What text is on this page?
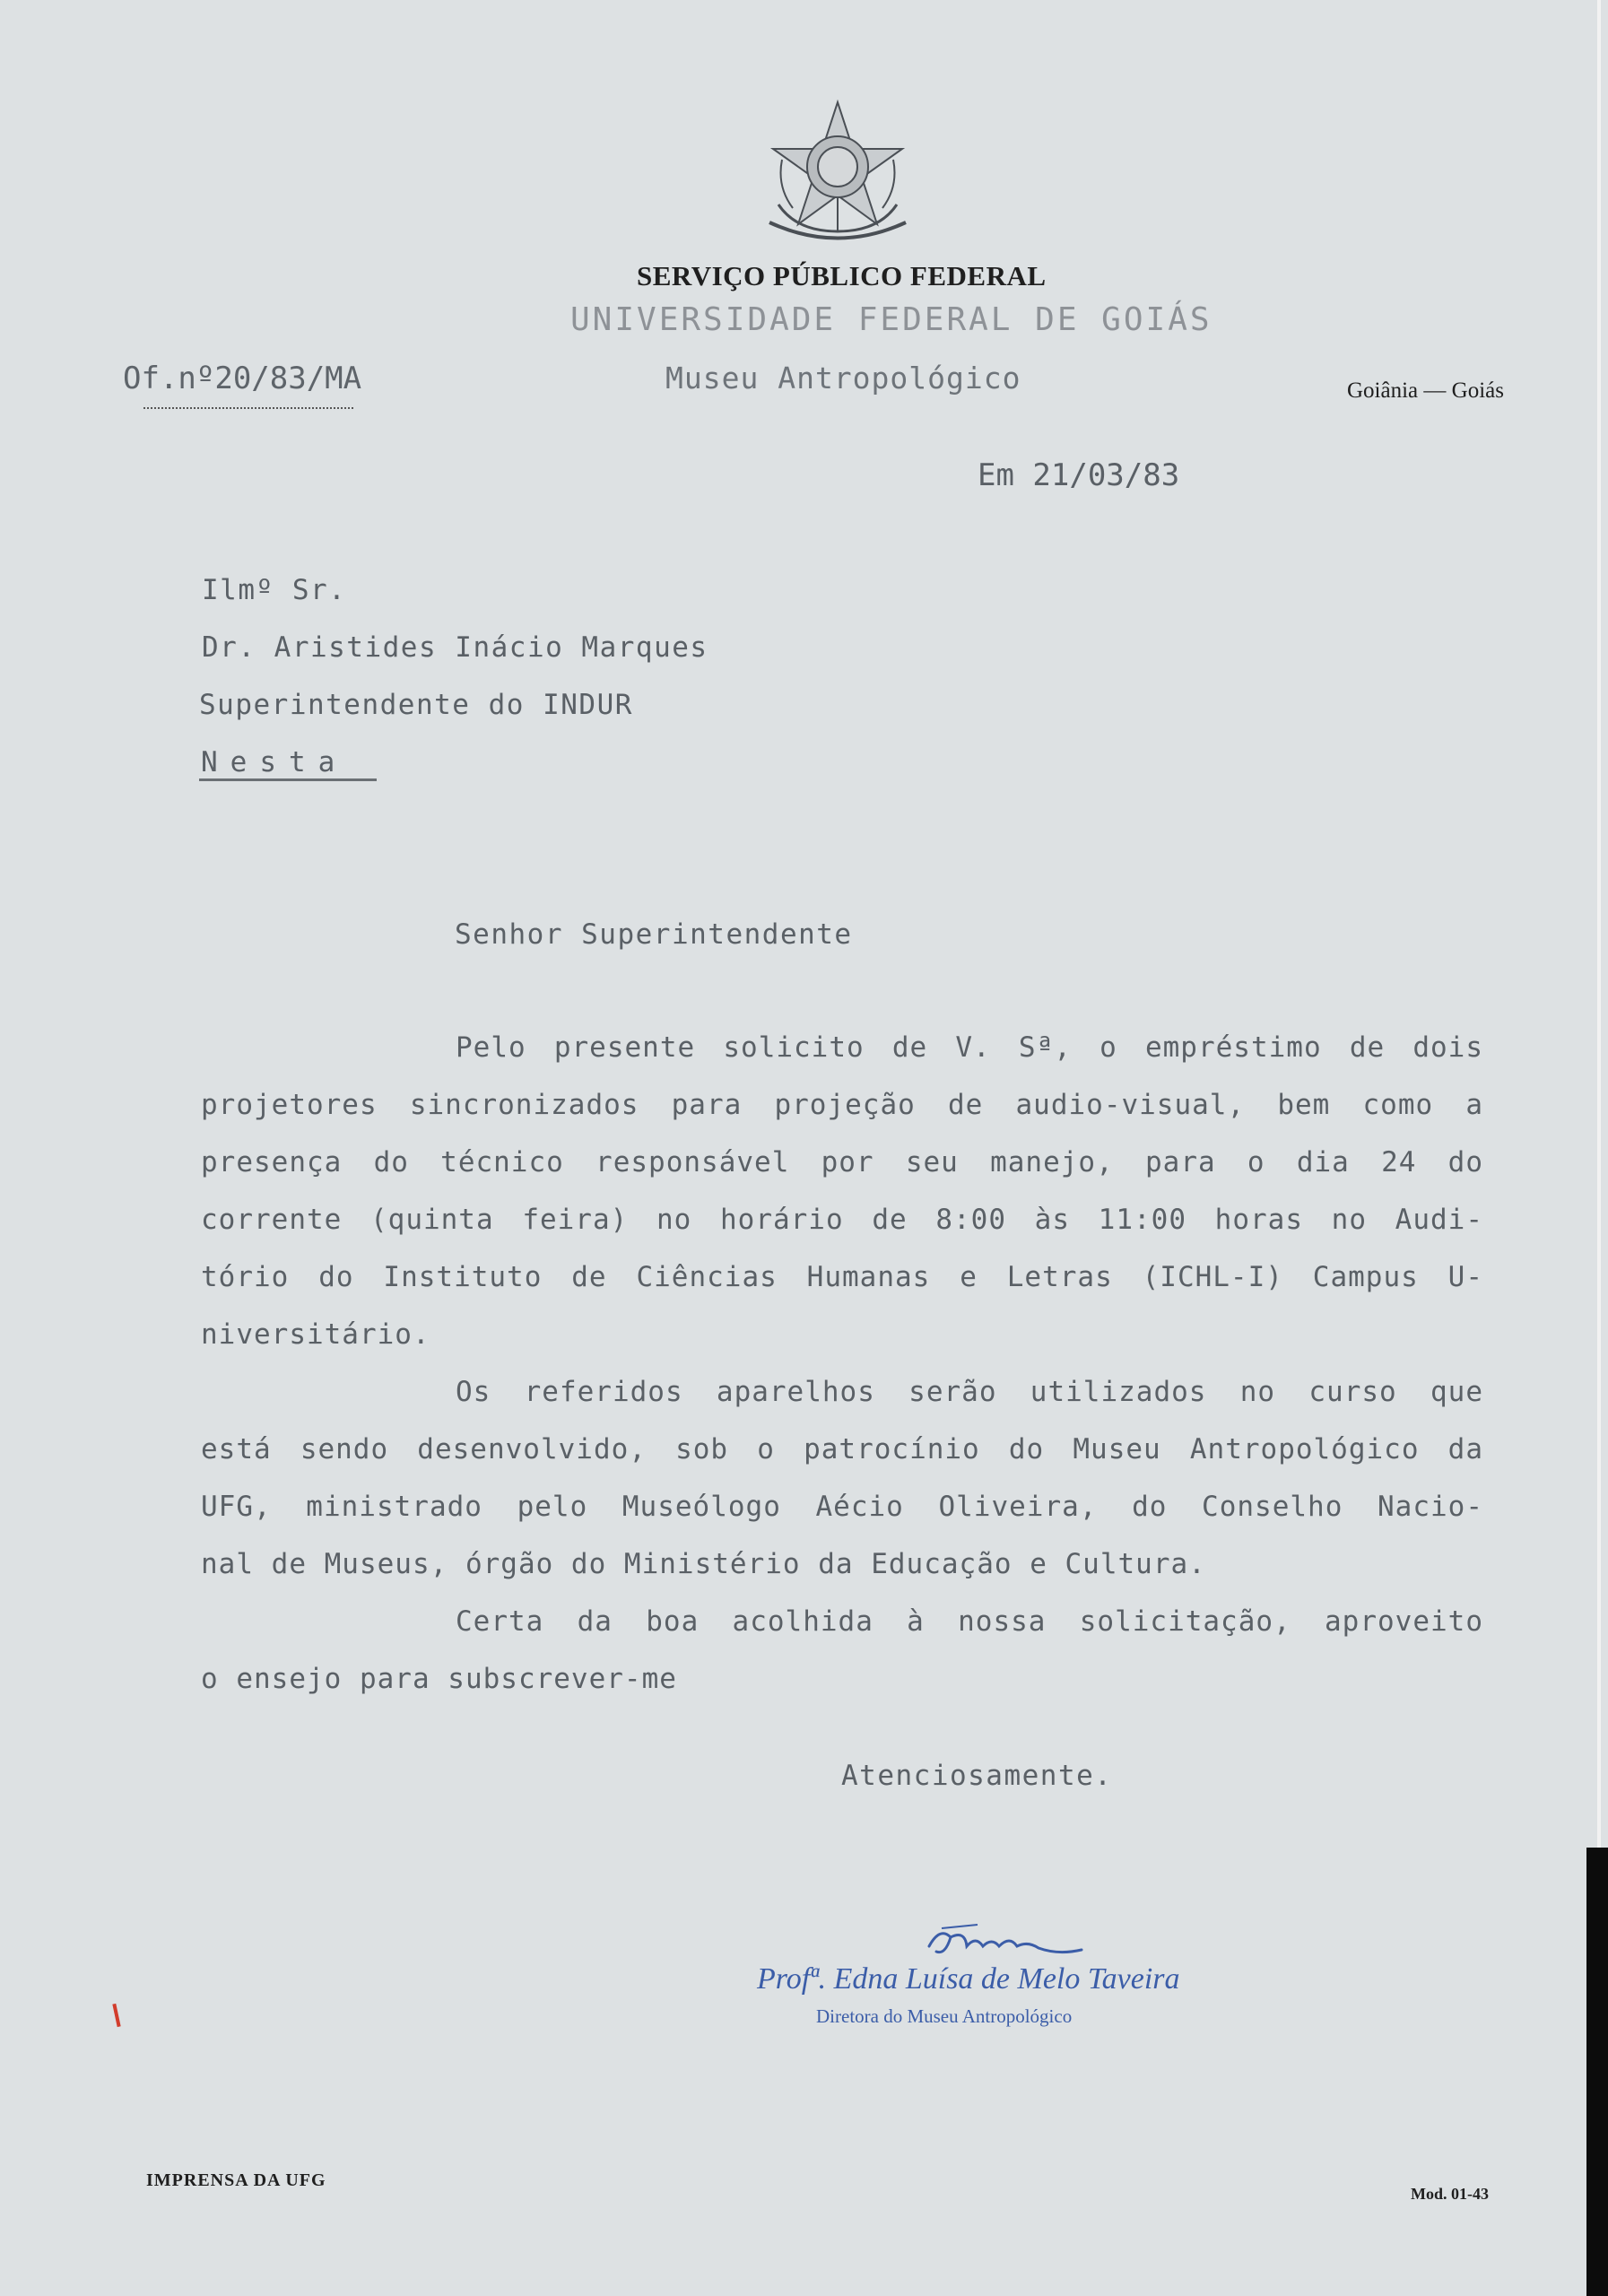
SERVIÇO PÚBLICO FEDERAL
UNIVERSIDADE FEDERAL DE GOIÁS
Museu Antropológico	Goiânia — Goiás
Of.nº20/83/MA
Em 21/03/83
Ilmº Sr.
Dr. Aristides Inácio Marques
Superintendente do INDUR
Nesta
Senhor Superintendente
Pelo presente solicito de V. Sª, o empréstimo de dois
projetores sincronizados para projeção de audio-visual, bem como a
presença do técnico responsável por seu manejo, para o dia 24 do
corrente (quinta feira) no horário de 8:00 às 11:00 horas no Audi-
tório do Instituto de Ciências Humanas e Letras (ICHL-I) Campus U-
niversitário.
Os referidos aparelhos serão utilizados no curso que
está sendo desenvolvido, sob o patrocínio do Museu Antropológico da
UFG, ministrado pelo Museólogo Aécio Oliveira, do Conselho Nacio-
nal de Museus, órgão do Ministério da Educação e Cultura.
Certa da boa acolhida à nossa solicitação, aproveito
o ensejo para subscrever-me
Atenciosamente.
Profª. Edna Luísa de Melo Taveira
Diretora do Museu Antropológico
IMPRENSA DA UFG
Mod. 01-43
